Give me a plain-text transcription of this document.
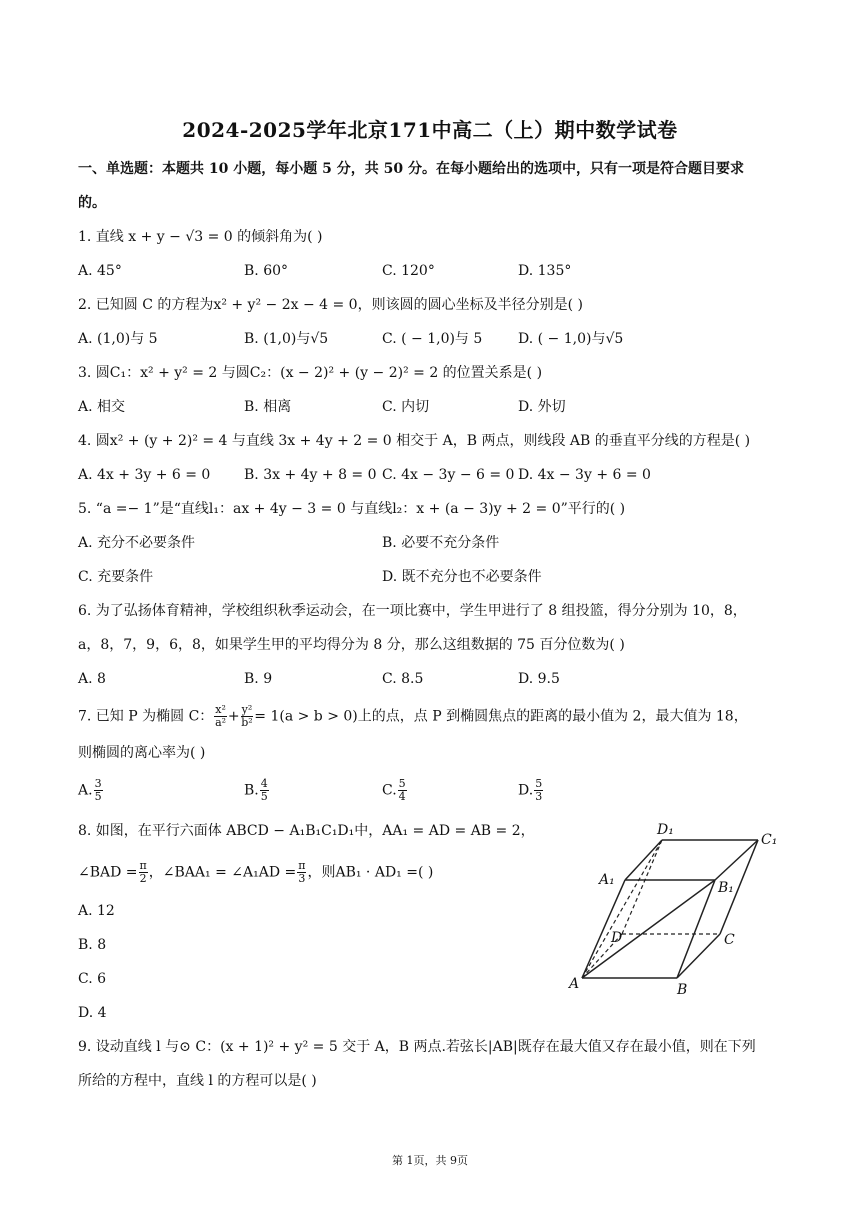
2024-2025学年北京171中高二（上）期中数学试卷
一、单选题：本题共 10 小题，每小题 5 分，共 50 分。在每小题给出的选项中，只有一项是符合题目要求
的。
1. 直线 x + y − √3 = 0 的倾斜角为( )
A. 45°	B. 60°	C. 120°	D. 135°
2. 已知圆 C 的方程为x² + y² − 2x − 4 = 0，则该圆的圆心坐标及半径分别是( )
A. (1,0)与 5	B. (1,0)与√5	C. ( − 1,0)与 5	D. ( − 1,0)与√5
3. 圆C₁：x² + y² = 2 与圆C₂：(x − 2)² + (y − 2)² = 2 的位置关系是( )
A. 相交	B. 相离	C. 内切	D. 外切
4. 圆x² + (y + 2)² = 4 与直线 3x + 4y + 2 = 0 相交于 A，B 两点，则线段 AB 的垂直平分线的方程是( )
A. 4x + 3y + 6 = 0 B. 3x + 4y + 8 = 0 C. 4x − 3y − 6 = 0 D. 4x − 3y + 6 = 0
5. “a =− 1”是“直线l₁：ax + 4y − 3 = 0 与直线l₂：x + (a − 3)y + 2 = 0”平行的( )
A. 充分不必要条件	B. 必要不充分条件
C. 充要条件	D. 既不充分也不必要条件
6. 为了弘扬体育精神，学校组织秋季运动会，在一项比赛中，学生甲进行了 8 组投篮，得分分别为 10，8，
a，8，7，9，6，8，如果学生甲的平均得分为 8 分，那么这组数据的 75 百分位数为( )
A. 8	B. 9	C. 8.5	D. 9.5
7. 已知 P 为椭圆 C： $\frac{\text{x²}}{\text{a²}} + \frac{\text{y²}}{\text{b²}} = 1(a > b > 0)$上的点，点 P 到椭圆焦点的距离的最小值为 2，最大值为 18，
则椭圆的离心率为( )
A. $\frac{3}{5}$	B. $\frac{4}{5}$	C. $\frac{5}{4}$	D. $\frac{5}{3}$
8. 如图，在平行六面体 ABCD − A₁B₁C₁D₁中，AA₁ = AD = AB = 2，
∠BAD = $\frac{\pi}{2}$ ，∠BAA₁ = ∠A₁AD = $\frac{\pi}{3}$ ，则AB₁ · AD₁ =( )
A. 12
B. 8
C. 6
D. 4
A	B
C
D
A₁	B₁
C₁
D₁
9. 设动直线 l 与⊙ C：(x + 1)² + y² = 5 交于 A，B 两点.若弦长|AB|既存在最大值又存在最小值，则在下列
所给的方程中，直线 l 的方程可以是( )
第 1页，共 9页
